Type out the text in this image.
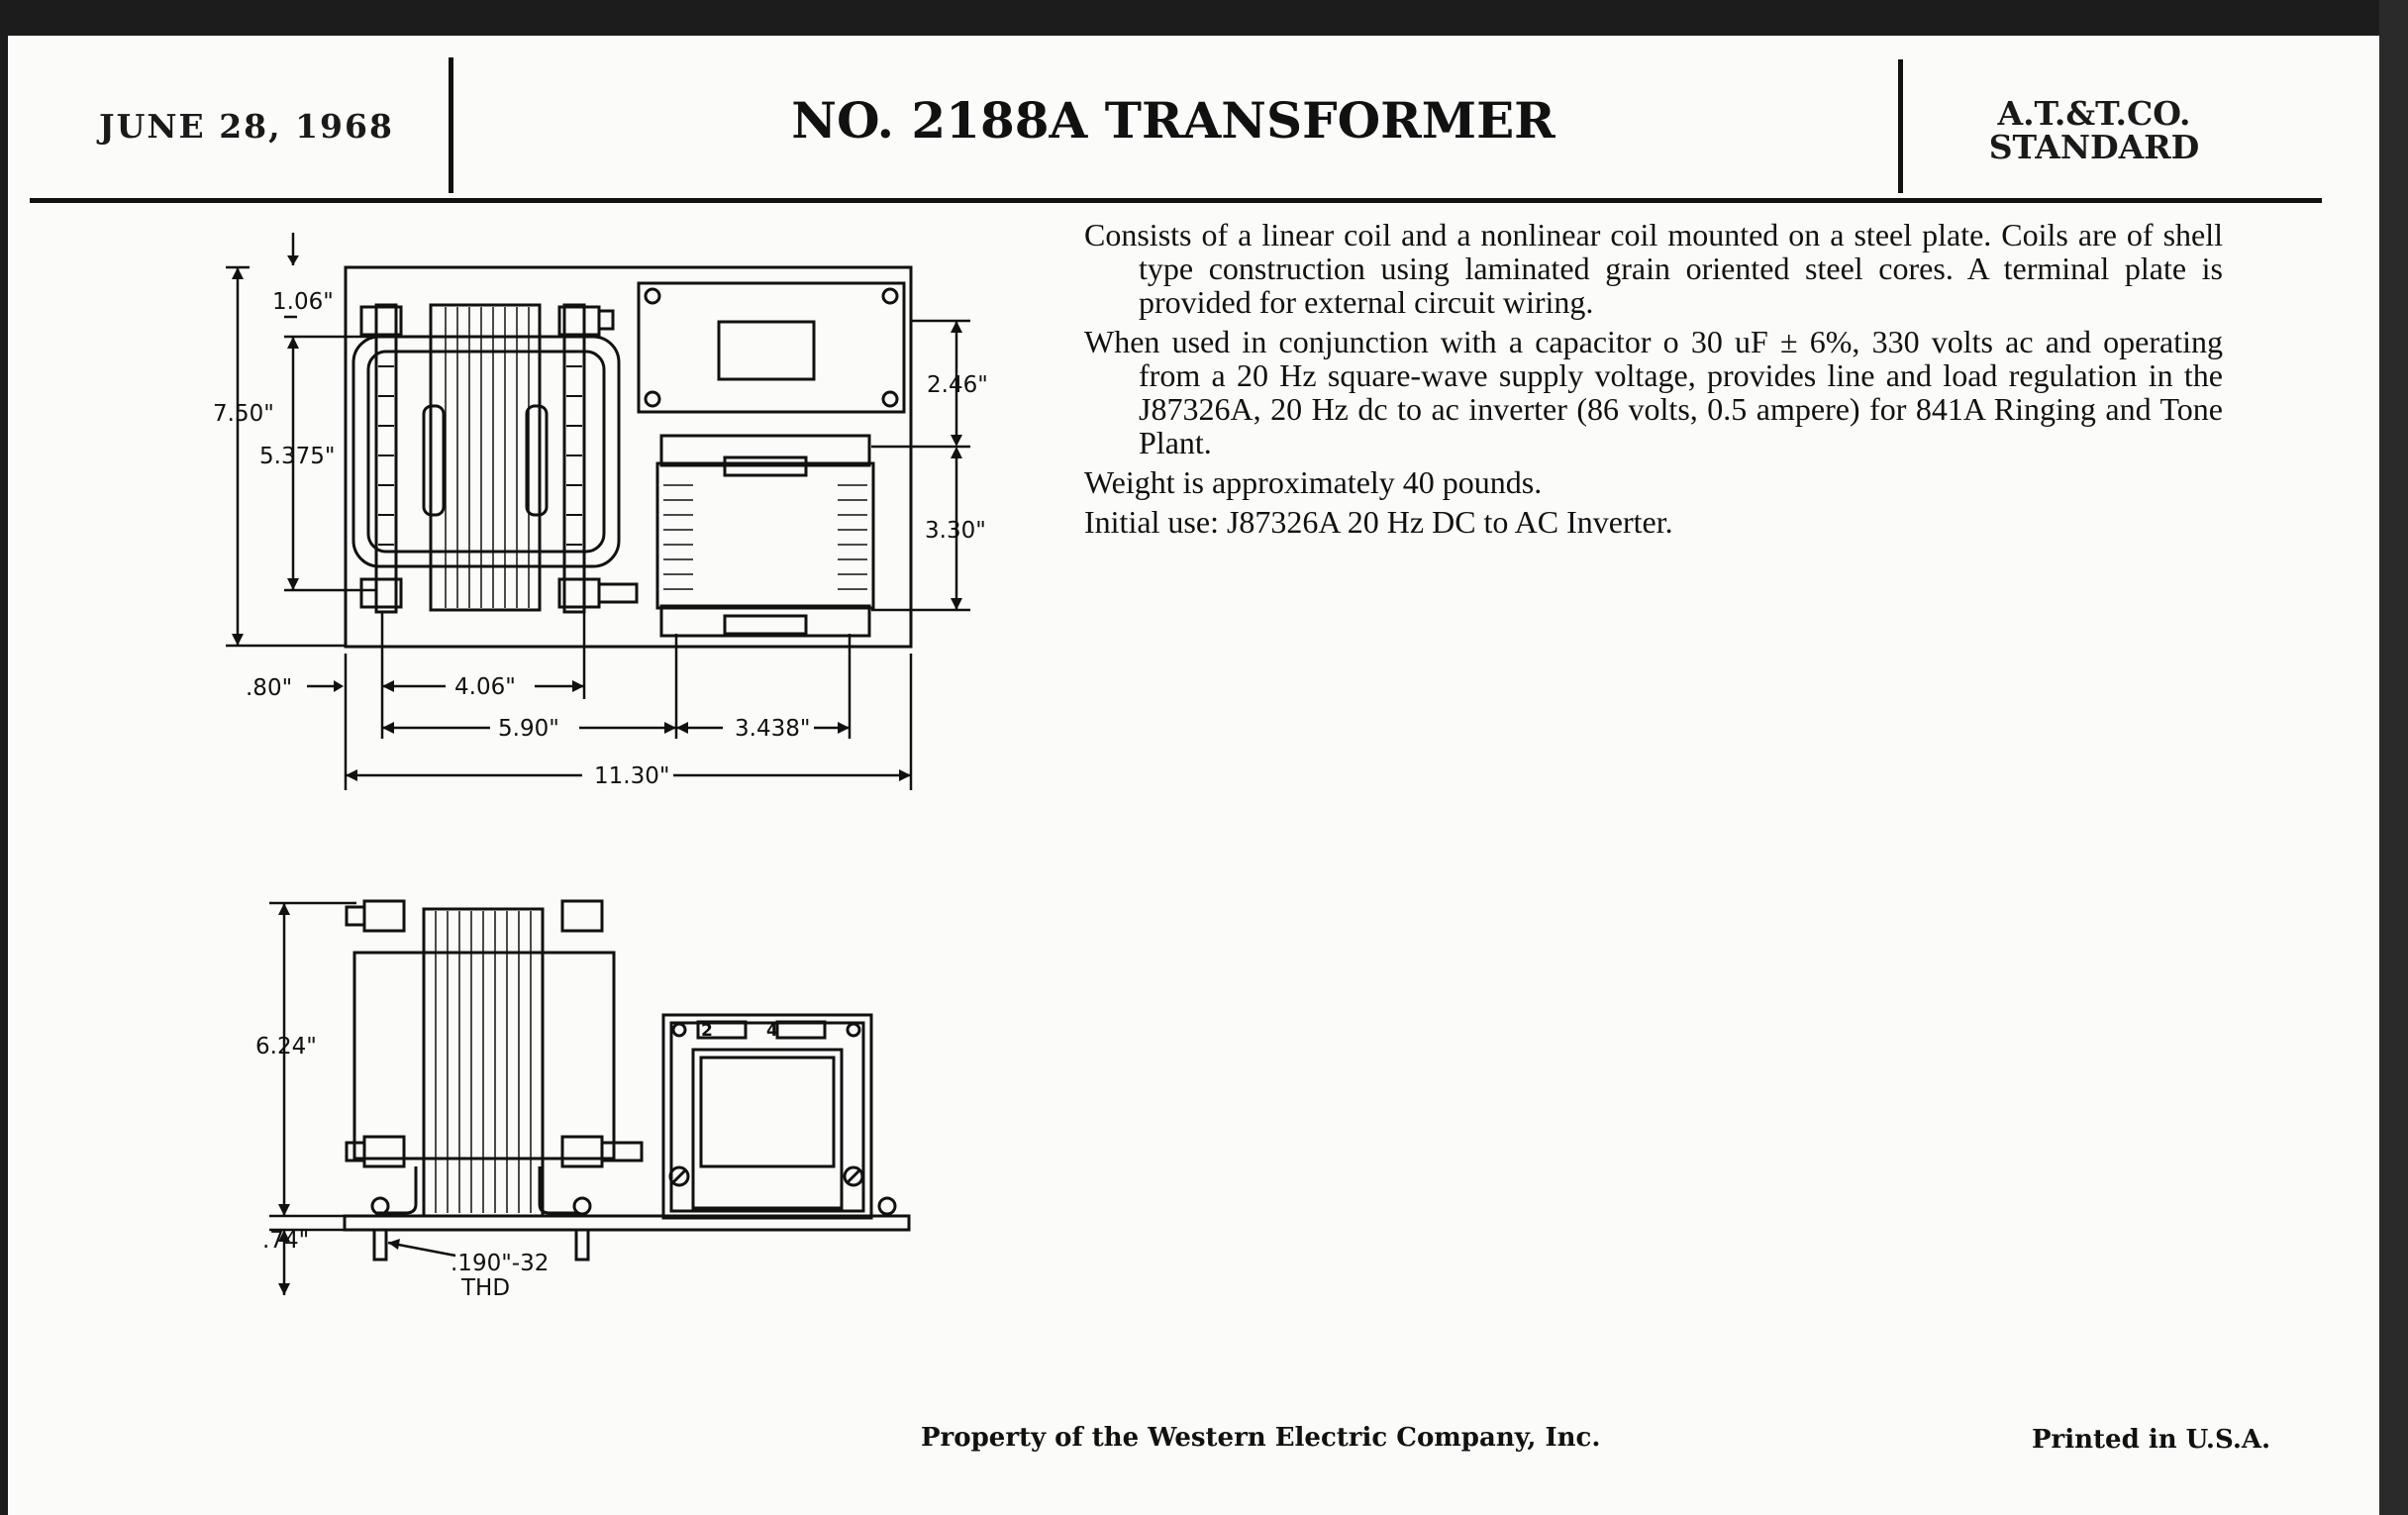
JUNE 28, 1968	NO. 2188A TRANSFORMER	A.T.&T.CO.
STANDARD

Consists of a linear coil and a nonlinear coil mounted on a steel plate. Coils are of shell type construction using laminated grain oriented steel cores. A terminal plate is provided for external circuit wiring.

When used in conjunction with a capacitor o 30 uF ± 6%, 330 volts ac and operating from a 20 Hz square-wave supply voltage, provides line and load regulation in the J87326A, 20 Hz dc to ac inverter (86 volts, 0.5 ampere) for 841A Ringing and Tone Plant.

Weight is approximately 40 pounds.

Initial use: J87326A 20 Hz DC to AC Inverter.

1.06"
7.50"
5.375"
2.46"
3.30"
.80"	4.06"
5.90"	3.438"
11.30"
2	4
6.24"
.74"
.190"-32
THD
Property of the Western Electric Company, Inc.	Printed in U.S.A.
